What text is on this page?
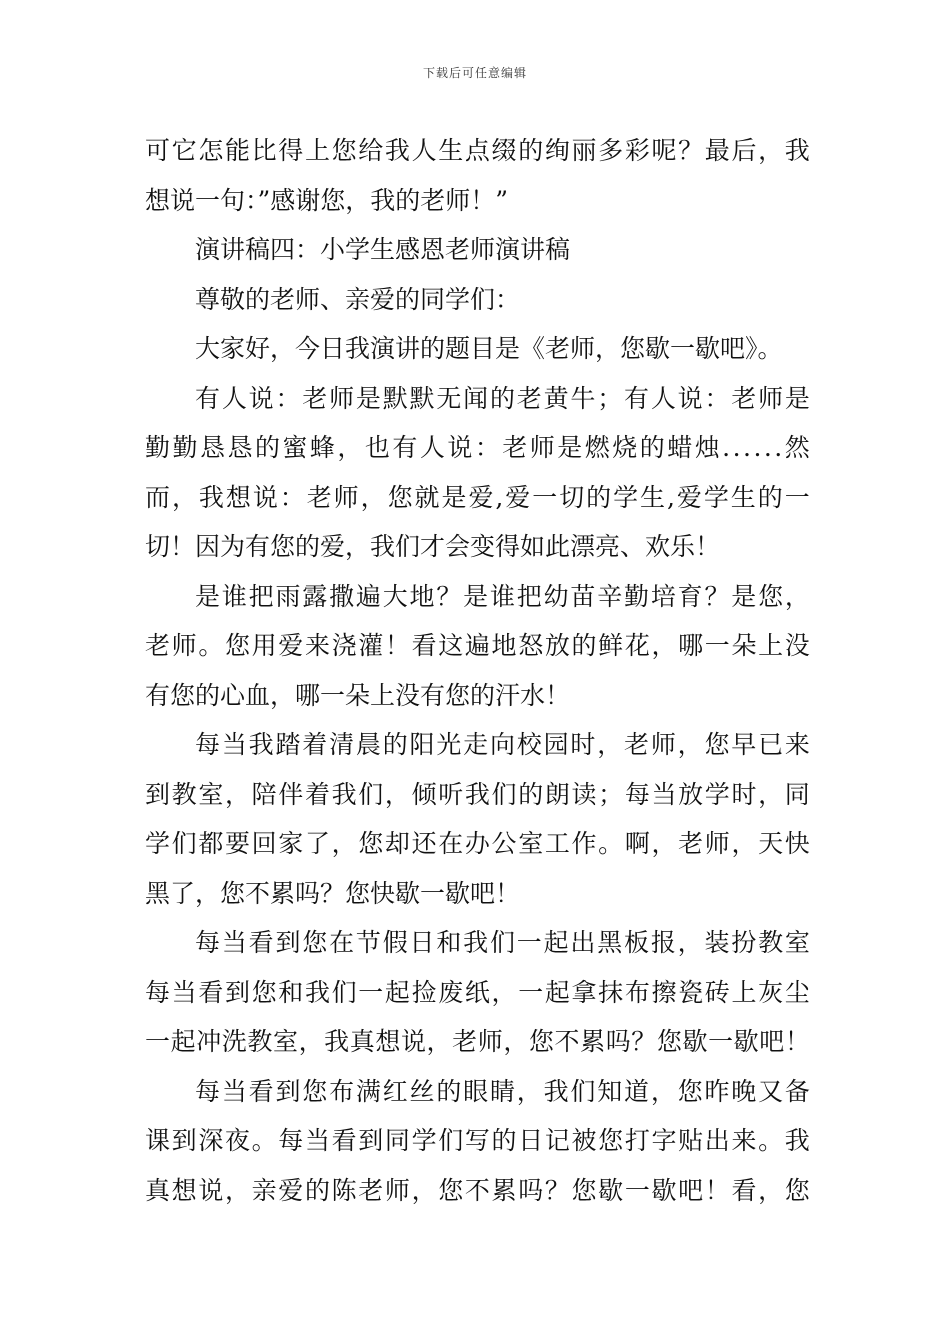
下载后可任意编辑
可 它 怎 能 比 得 上 您 给 我 人 生 点 缀 的 绚 丽 多 彩 呢 ？ 最 后 ， 我
想说一句：”感谢您，我的老师！”
演讲稿四：小学生感恩老师演讲稿
尊敬的老师、亲爱的同学们：
大家好，今日我演讲的题目是《老师，您歇一歇吧》。
有 人 说 ： 老 师 是 默 默 无 闻 的 老 黄 牛 ； 有 人 说 ： 老 师 是
勤 勤 恳 恳 的 蜜 蜂 ， 也 有 人 说 ： 老 师 是 燃 烧 的 蜡 烛 . . . . . . 然
而 ， 我 想 说 ： 老 师 ， 您 就 是 爱 , 爱 一 切 的 学 生 , 爱 学 生 的 一
切！因为有您的爱，我们才会变得如此漂亮、欢乐！
是 谁 把 雨 露 撒 遍 大 地 ？ 是 谁 把 幼 苗 辛 勤 培 育 ？ 是 您 ，
老 师 。 您 用 爱 来 浇 灌 ！ 看 这 遍 地 怒 放 的 鲜 花 ， 哪 一 朵 上 没
有您的心血，哪一朵上没有您的汗水！
每 当 我 踏 着 清 晨 的 阳 光 走 向 校 园 时 ， 老 师 ， 您 早 已 来
到 教 室 ， 陪 伴 着 我 们 ， 倾 听 我 们 的 朗 读 ； 每 当 放 学 时 ， 同
学 们 都 要 回 家 了 ， 您 却 还 在 办 公 室 工 作 。 啊 ， 老 师 ， 天 快
黑了，您不累吗？您快歇一歇吧！
每 当 看 到 您 在 节 假 日 和 我 们 一 起 出 黑 板 报 ， 装 扮 教 室
每 当 看 到 您 和 我 们 一 起 捡 废 纸 ， 一 起 拿 抹 布 擦 瓷 砖 上 灰 尘
一 起 冲 洗 教 室 ， 我 真 想 说 ， 老 师 ， 您 不 累 吗 ？ 您 歇 一 歇 吧 ！
每 当 看 到 您 布 满 红 丝 的 眼 睛 ， 我 们 知 道 ， 您 昨 晚 又 备
课 到 深 夜 。 每 当 看 到 同 学 们 写 的 日 记 被 您 打 字 贴 出 来 。 我
真 想 说 ， 亲 爱 的 陈 老 师 ， 您 不 累 吗 ？ 您 歇 一 歇 吧 ！ 看 ， 您
